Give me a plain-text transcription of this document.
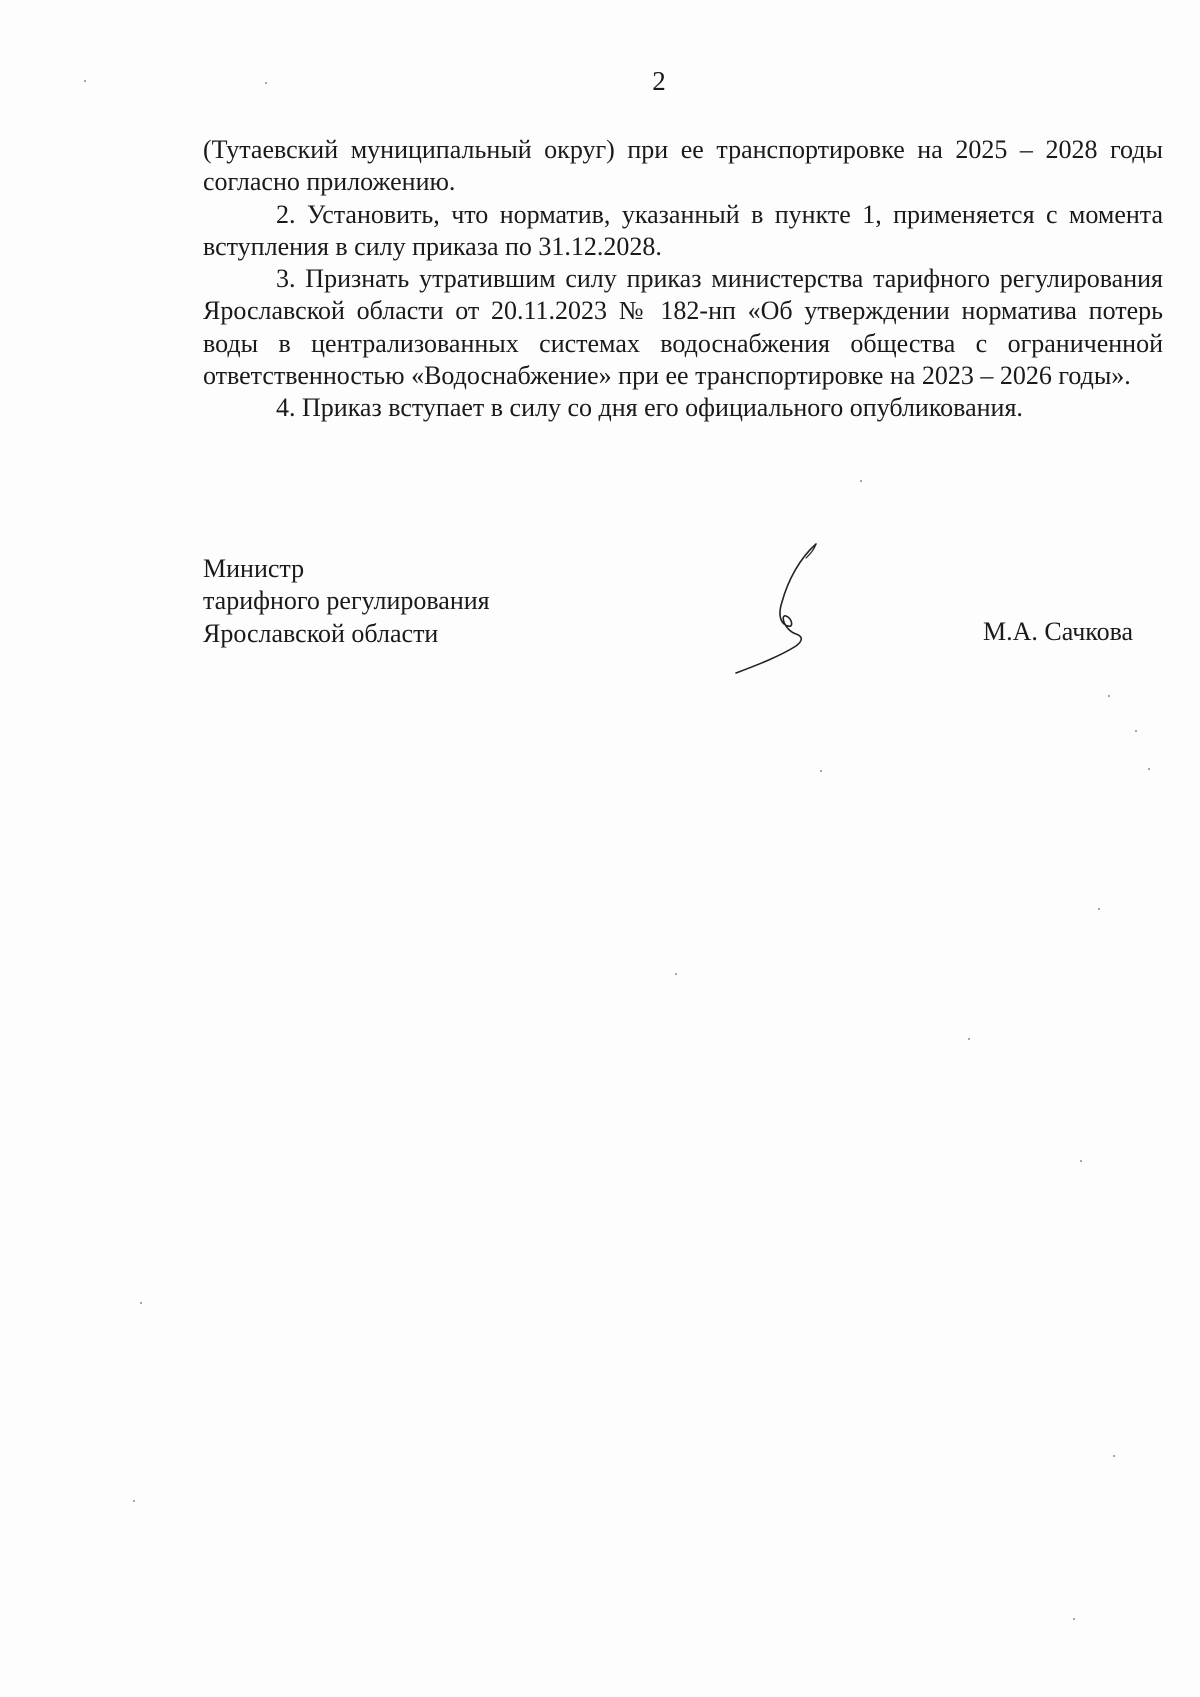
2

(Тутаевский муниципальный округ) при ее транспортировке на 2025 – 2028 годы согласно приложению.

2. Установить, что норматив, указанный в пункте 1, применяется с момента вступления в силу приказа по 31.12.2028.

3. Признать утратившим силу приказ министерства тарифного регулирования Ярославской области от 20.11.2023 № 182-нп «Об утверждении норматива потерь воды в централизованных системах водоснабжения общества с ограниченной ответственностью «Водоснабжение» при ее транспортировке на 2023 – 2026 годы».

4. Приказ вступает в силу со дня его официального опубликования.

Министр
тарифного регулирования
Ярославской области	М.А. Сачкова
